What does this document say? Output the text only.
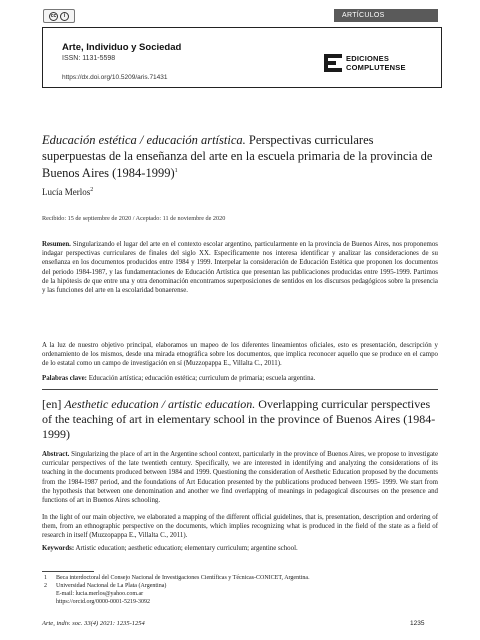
cc	i	ARTÍCULOS
Arte, Individuo y Sociedad
ISSN: 1131-5598
https://dx.doi.org/10.5209/aris.71431
EDICIONES
COMPLUTENSE
Educación estética / educación artística. Perspectivas curriculares superpuestas de la enseñanza del arte en la escuela primaria de la provincia de Buenos Aires (1984-1999)$^1$
Lucía Merlos$^2$
Recibido: 15 de septiembre de 2020 / Aceptado: 11 de noviembre de 2020
Resumen. Singularizando el lugar del arte en el contexto escolar argentino, particularmente en la provincia de Buenos Aires, nos proponemos indagar perspectivas curriculares de finales del siglo XX. Específicamente nos interesa identificar y analizar las consideraciones de su enseñanza en los documentos producidos entre 1984 y 1999. Interpelar la consideración de Educación Estética que proponen los documentos del periodo 1984-1987, y las fundamentaciones de Educación Artística que presentan las publicaciones producidas entre 1995-1999. Partimos de la hipótesis de que entre una y otra denominación encontramos superposiciones de sentidos en los discursos pedagógicos sobre la presencia y las funciones del arte en la escolaridad bonaerense.
A la luz de nuestro objetivo principal, elaboramos un mapeo de los diferentes lineamientos oficiales, esto es presentación, descripción y ordenamiento de los mismos, desde una mirada etnográfica sobre los documentos, que implica reconocer aquello que se produce en el campo de lo estatal como un campo de investigación en sí (Muzzopappa E., Villalta C., 2011).
Palabras clave: Educación artística; educación estética; curriculum de primaria; escuela argentina.
[en] Aesthetic education / artistic education. Overlapping curricular perspectives of the teaching of art in elementary school in the province of Buenos Aires (1984-1999)
Abstract. Singularizing the place of art in the Argentine school context, particularly in the province of Buenos Aires, we propose to investigate curricular perspectives of the late twentieth century. Specifically, we are interested in identifying and analyzing the considerations of its teaching in the documents produced between 1984 and 1999. Questioning the consideration of Aesthetic Education proposed by the documents from the 1984-1987 period, and the foundations of Art Education presented by the publications produced between 1995- 1999. We start from the hypothesis that between one denomination and another we find overlapping of meanings in pedagogical discourses on the presence and functions of art in Buenos Aires schooling.
In the light of our main objective, we elaborated a mapping of the different official guidelines, that is, presentation, description and ordering of them, from an ethnographic perspective on the documents, which implies recognizing what is produced in the field of the state as a field of research in itself (Muzzopappa E., Villalta C., 2011).
Keywords: Artistic education; aesthetic education; elementary curriculum; argentine school.
1 Beca interdoctoral del Consejo Nacional de Investigaciones Científicas y Técnicas-CONICET, Argentina.
2 Universidad Nacional de La Plata (Argentina)
E-mail: lucia.merlos@yahoo.com.ar
https://orcid.org/0000-0001-5219-3092
Arte, indiv. soc. 33(4) 2021: 1235-1254	1235
